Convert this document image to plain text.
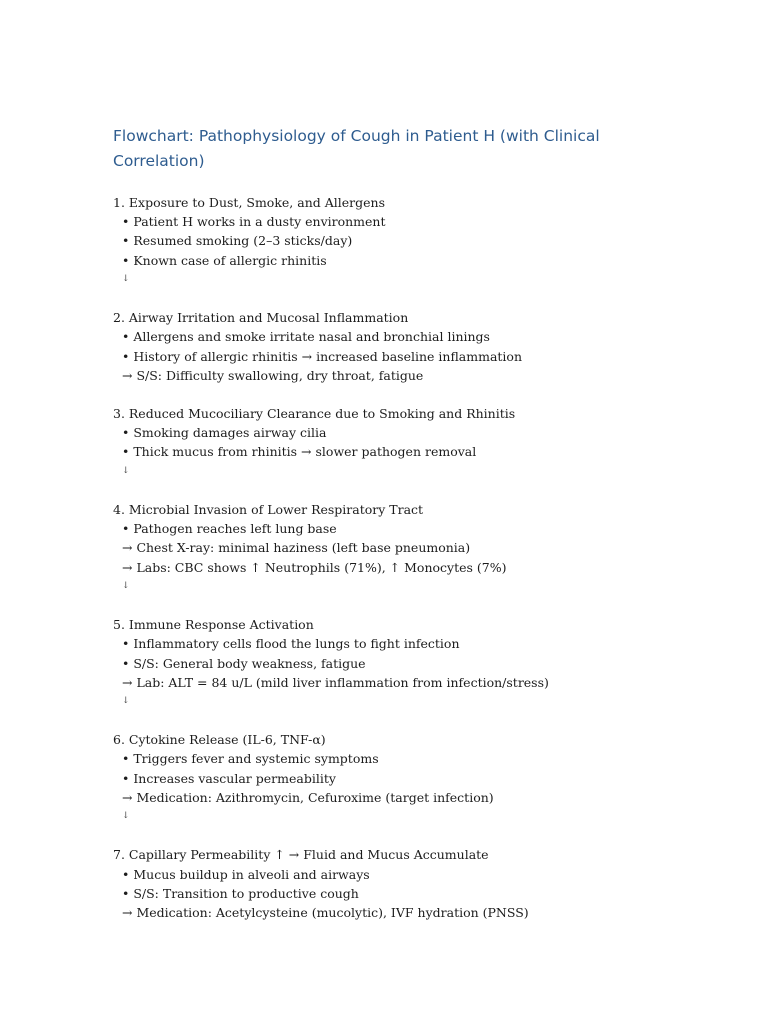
Flowchart: Pathophysiology of Cough in Patient H (with Clinical Correlation)
1. Exposure to Dust, Smoke, and Allergens
• Patient H works in a dusty environment
• Resumed smoking (2–3 sticks/day)
• Known case of allergic rhinitis
↓
2. Airway Irritation and Mucosal Inflammation
• Allergens and smoke irritate nasal and bronchial linings
• History of allergic rhinitis → increased baseline inflammation
→ S/S: Difficulty swallowing, dry throat, fatigue
3. Reduced Mucociliary Clearance due to Smoking and Rhinitis
• Smoking damages airway cilia
• Thick mucus from rhinitis → slower pathogen removal
↓
4. Microbial Invasion of Lower Respiratory Tract
• Pathogen reaches left lung base
→ Chest X-ray: minimal haziness (left base pneumonia)
→ Labs: CBC shows ↑ Neutrophils (71%), ↑ Monocytes (7%)
↓
5. Immune Response Activation
• Inflammatory cells flood the lungs to fight infection
• S/S: General body weakness, fatigue
→ Lab: ALT = 84 u/L (mild liver inflammation from infection/stress)
↓
6. Cytokine Release (IL-6, TNF-α)
• Triggers fever and systemic symptoms
• Increases vascular permeability
→ Medication: Azithromycin, Cefuroxime (target infection)
↓
7. Capillary Permeability ↑ → Fluid and Mucus Accumulate
• Mucus buildup in alveoli and airways
• S/S: Transition to productive cough
→ Medication: Acetylcysteine (mucolytic), IVF hydration (PNSS)
